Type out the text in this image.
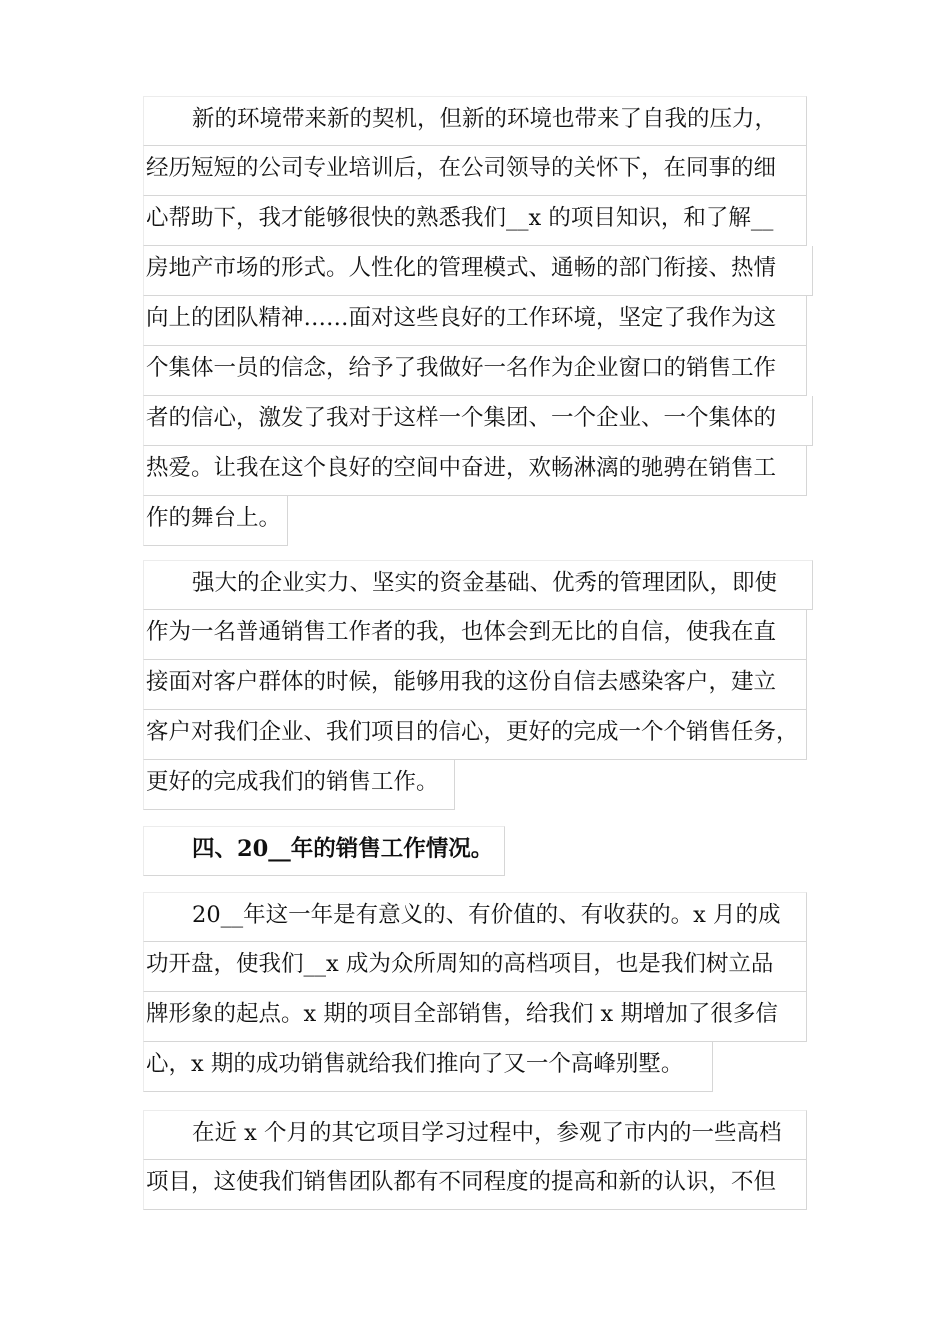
新的环境带来新的契机，但新的环境也带来了自我的压力，
经历短短的公司专业培训后，在公司领导的关怀下，在同事的细
心帮助下，我才能够很快的熟悉我们__x 的项目知识，和了解__
房地产市场的形式。人性化的管理模式、通畅的部门衔接、热情
向上的团队精神……面对这些良好的工作环境，坚定了我作为这
个集体一员的信念，给予了我做好一名作为企业窗口的销售工作
者的信心，激发了我对于这样一个集团、一个企业、一个集体的
热爱。让我在这个良好的空间中奋进，欢畅淋漓的驰骋在销售工
作的舞台上。
强大的企业实力、坚实的资金基础、优秀的管理团队，即使
作为一名普通销售工作者的我，也体会到无比的自信，使我在直
接面对客户群体的时候，能够用我的这份自信去感染客户，建立
客户对我们企业、我们项目的信心，更好的完成一个个销售任务，
更好的完成我们的销售工作。
四、20__年的销售工作情况。
20__年这一年是有意义的、有价值的、有收获的。x 月的成
功开盘，使我们__x 成为众所周知的高档项目，也是我们树立品
牌形象的起点。x 期的项目全部销售，给我们 x 期增加了很多信
心，x 期的成功销售就给我们推向了又一个高峰别墅。
在近 x 个月的其它项目学习过程中，参观了市内的一些高档
项目，这使我们销售团队都有不同程度的提高和新的认识，不但
